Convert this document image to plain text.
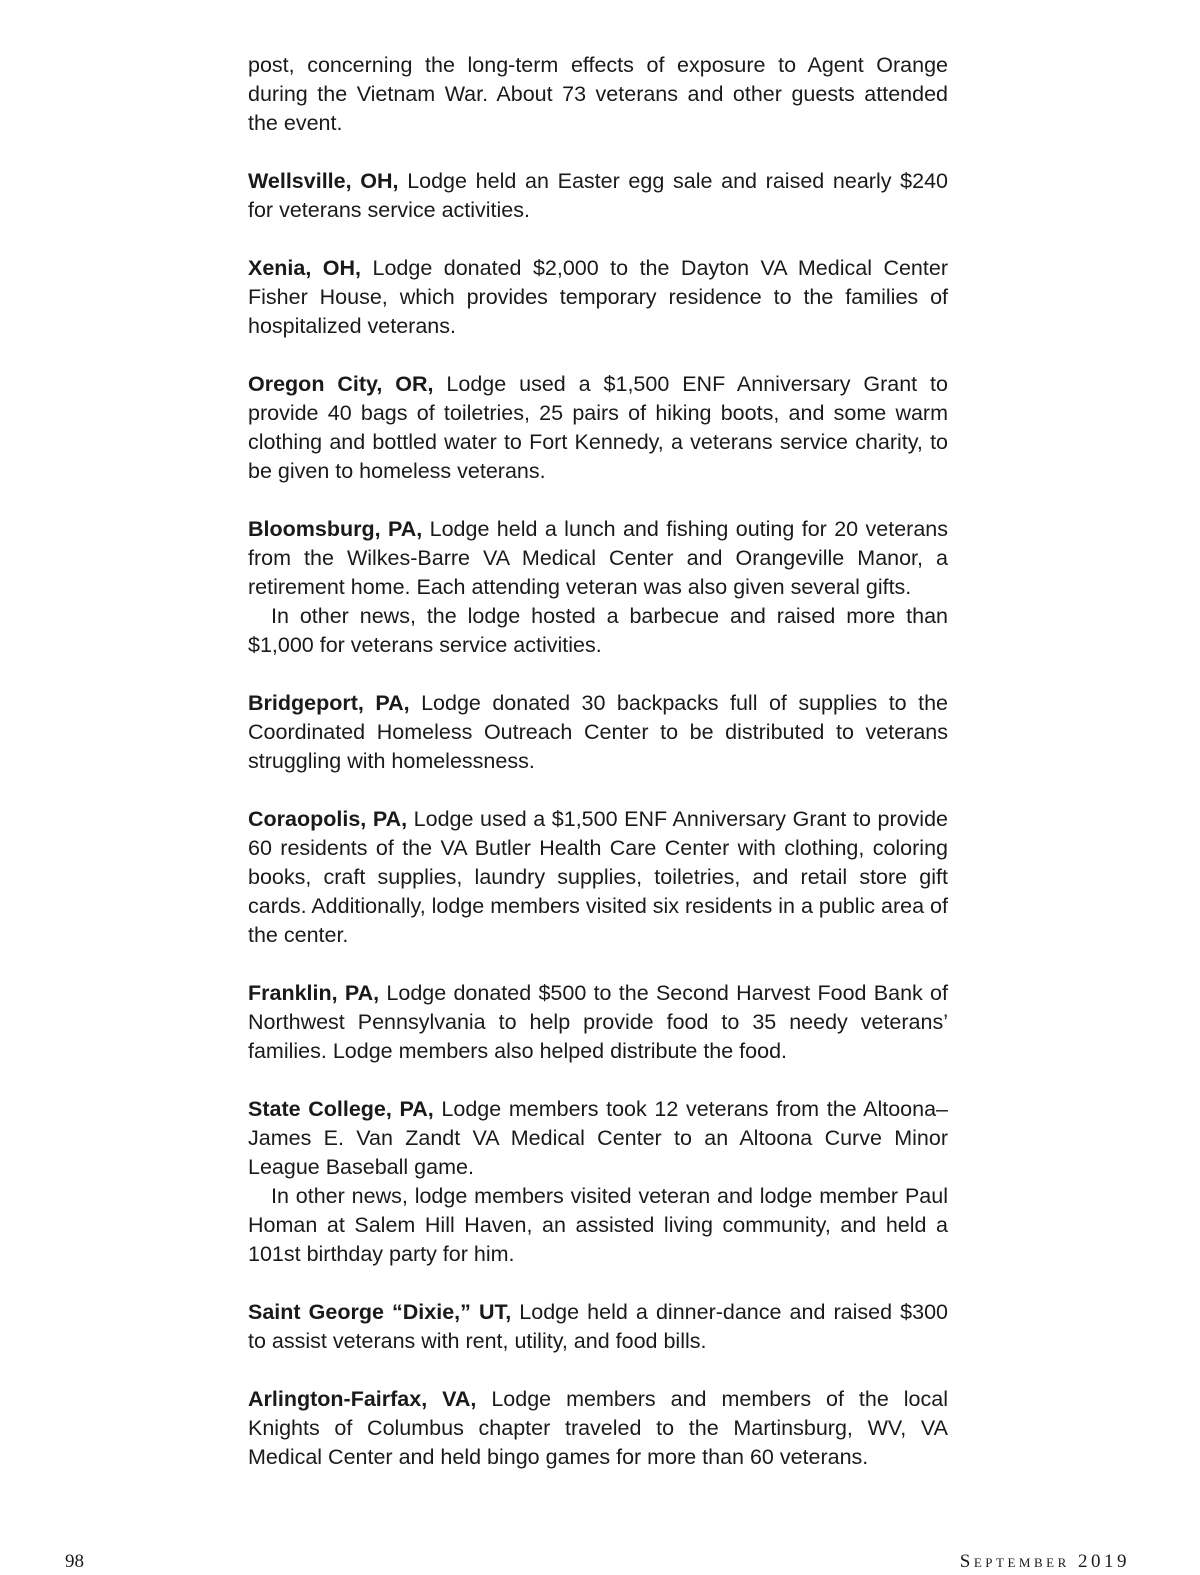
post, concerning the long-term effects of exposure to Agent Orange during the Vietnam War. About 73 veterans and other guests attended the event.

Wellsville, OH, Lodge held an Easter egg sale and raised nearly $240 for veterans service activities.

Xenia, OH, Lodge donated $2,000 to the Dayton VA Medical Center Fisher House, which provides temporary residence to the families of hospitalized veterans.

Oregon City, OR, Lodge used a $1,500 ENF Anniversary Grant to provide 40 bags of toiletries, 25 pairs of hiking boots, and some warm clothing and bottled water to Fort Kennedy, a veterans service charity, to be given to homeless veterans.

Bloomsburg, PA, Lodge held a lunch and fishing outing for 20 veterans from the Wilkes-Barre VA Medical Center and Orangeville Manor, a retirement home. Each attending veteran was also given several gifts.

In other news, the lodge hosted a barbecue and raised more than $1,000 for veterans service activities.

Bridgeport, PA, Lodge donated 30 backpacks full of supplies to the Coordinated Homeless Outreach Center to be distributed to veterans struggling with homelessness.

Coraopolis, PA, Lodge used a $1,500 ENF Anniversary Grant to provide 60 residents of the VA Butler Health Care Center with clothing, coloring books, craft supplies, laundry supplies, toiletries, and retail store gift cards. Additionally, lodge members visited six residents in a public area of the center.

Franklin, PA, Lodge donated $500 to the Second Harvest Food Bank of Northwest Pennsylvania to help provide food to 35 needy veterans’ families. Lodge members also helped distribute the food.

State College, PA, Lodge members took 12 veterans from the Altoona–James E. Van Zandt VA Medical Center to an Altoona Curve Minor League Baseball game.

In other news, lodge members visited veteran and lodge member Paul Homan at Salem Hill Haven, an assisted living community, and held a 101st birthday party for him.

Saint George “Dixie,” UT, Lodge held a dinner-dance and raised $300 to assist veterans with rent, utility, and food bills.

Arlington-Fairfax, VA, Lodge members and members of the local Knights of Columbus chapter traveled to the Martinsburg, WV, VA Medical Center and held bingo games for more than 60 veterans.

98	September 2019
